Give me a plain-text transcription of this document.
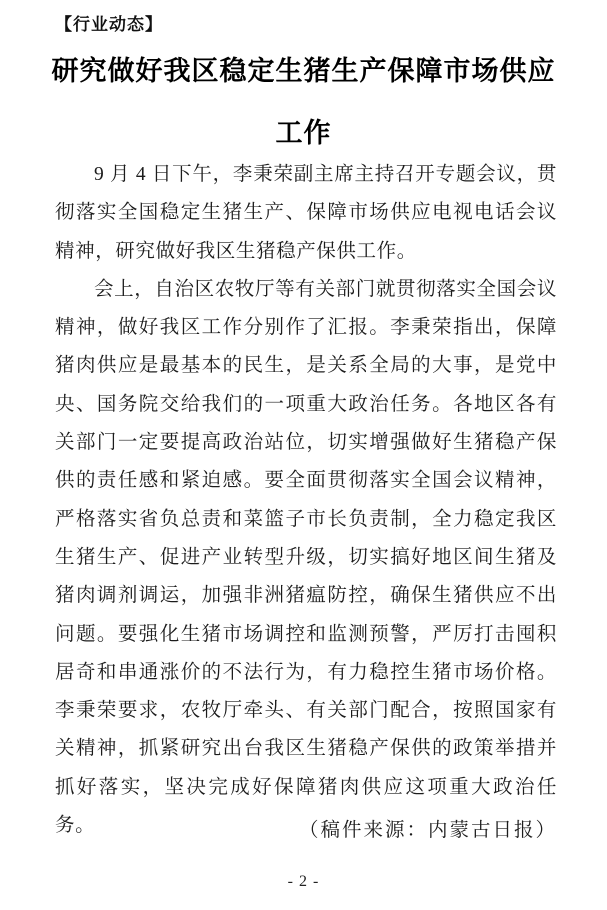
【行业动态】
研究做好我区稳定生猪生产保障市场供应
工作

9 月 4 日下午，李秉荣副主席主持召开专题会议，贯彻落实全国稳定生猪生产、保障市场供应电视电话会议精神，研究做好我区生猪稳产保供工作。

会上，自治区农牧厅等有关部门就贯彻落实全国会议精神，做好我区工作分别作了汇报。李秉荣指出，保障猪肉供应是最基本的民生，是关系全局的大事，是党中央、国务院交给我们的一项重大政治任务。各地区各有关部门一定要提高政治站位，切实增强做好生猪稳产保供的责任感和紧迫感。要全面贯彻落实全国会议精神，严格落实省负总责和菜篮子市长负责制，全力稳定我区生猪生产、促进产业转型升级，切实搞好地区间生猪及猪肉调剂调运，加强非洲猪瘟防控，确保生猪供应不出问题。要强化生猪市场调控和监测预警，严厉打击囤积居奇和串通涨价的不法行为，有力稳控生猪市场价格。李秉荣要求，农牧厅牵头、有关部门配合，按照国家有关精神，抓紧研究出台我区生猪稳产保供的政策举措并抓好落实，坚决完成好保障猪肉供应这项重大政治任务。	（稿件来源：内蒙古日报）
- 2 -
